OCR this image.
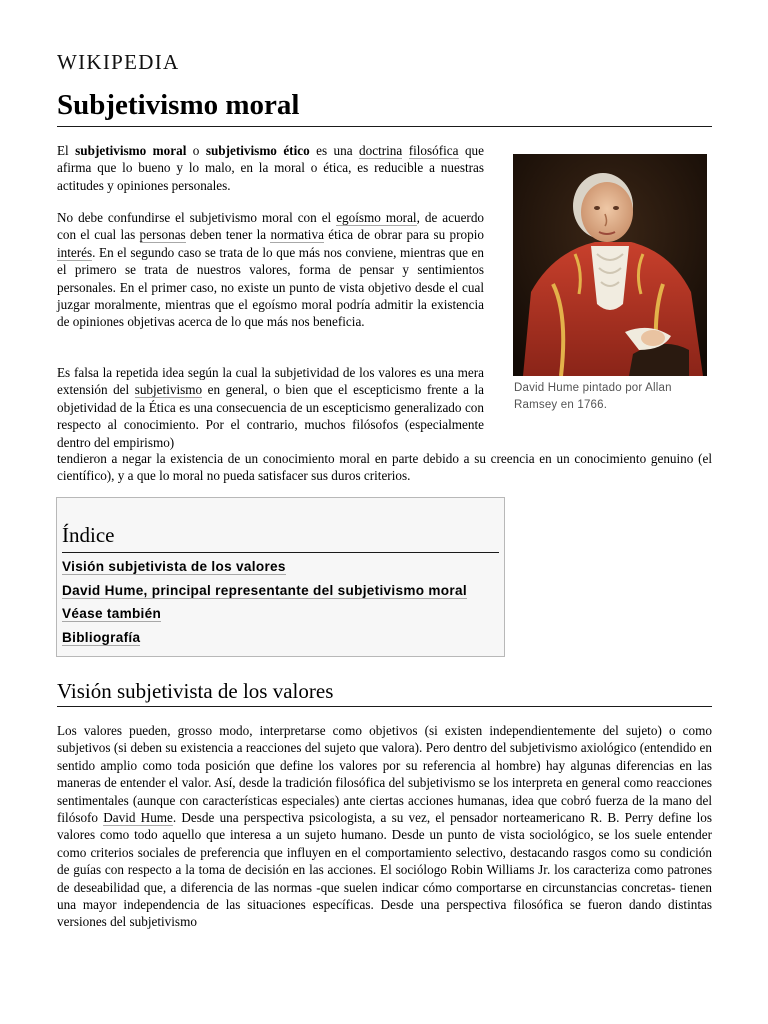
WIKIPEDIA
Subjetivismo moral
David Hume pintado por Allan Ramsey en 1766.

El subjetivismo moral o subjetivismo ético es una doctrina filosófica que afirma que lo bueno y lo malo, en la moral o ética, es reducible a nuestras actitudes y opiniones personales.

No debe confundirse el subjetivismo moral con el egoísmo moral, de acuerdo con el cual las personas deben tener la normativa ética de obrar para su propio interés. En el segundo caso se trata de lo que más nos conviene, mientras que en el primero se trata de nuestros valores, forma de pensar y sentimientos personales. En el primer caso, no existe un punto de vista objetivo desde el cual juzgar moralmente, mientras que el egoísmo moral podría admitir la existencia de opiniones objetivas acerca de lo que más nos beneficia.

Es falsa la repetida idea según la cual la subjetividad de los valores es una mera extensión del subjetivismo en general, o bien que el escepticismo frente a la objetividad de la Ética es una consecuencia de un escepticismo generalizado con respecto al conocimiento. Por el contrario, muchos filósofos (especialmente dentro del empirismo)

tendieron a negar la existencia de un conocimiento moral en parte debido a su creencia en un conocimiento genuino (el científico), y a que lo moral no pueda satisfacer sus duros criterios.

Índice
Visión subjetivista de los valores
David Hume, principal representante del subjetivismo moral
Véase también
Bibliografía
Visión subjetivista de los valores

Los valores pueden, grosso modo, interpretarse como objetivos (si existen independientemente del sujeto) o como subjetivos (si deben su existencia a reacciones del sujeto que valora). Pero dentro del subjetivismo axiológico (entendido en sentido amplio como toda posición que define los valores por su referencia al hombre) hay algunas diferencias en las maneras de entender el valor. Así, desde la tradición filosófica del subjetivismo se los interpreta en general como reacciones sentimentales (aunque con características especiales) ante ciertas acciones humanas, idea que cobró fuerza de la mano del filósofo David Hume. Desde una perspectiva psicologista, a su vez, el pensador norteamericano R. B. Perry define los valores como todo aquello que interesa a un sujeto humano. Desde un punto de vista sociológico, se los suele entender como criterios sociales de preferencia que influyen en el comportamiento selectivo, destacando rasgos como su condición de guías con respecto a la toma de decisión en las acciones. El sociólogo Robin Williams Jr. los caracteriza como patrones de deseabilidad que, a diferencia de las normas -que suelen indicar cómo comportarse en circunstancias concretas- tienen una mayor independencia de las situaciones específicas. Desde una perspectiva filosófica se fueron dando distintas versiones del subjetivismo
